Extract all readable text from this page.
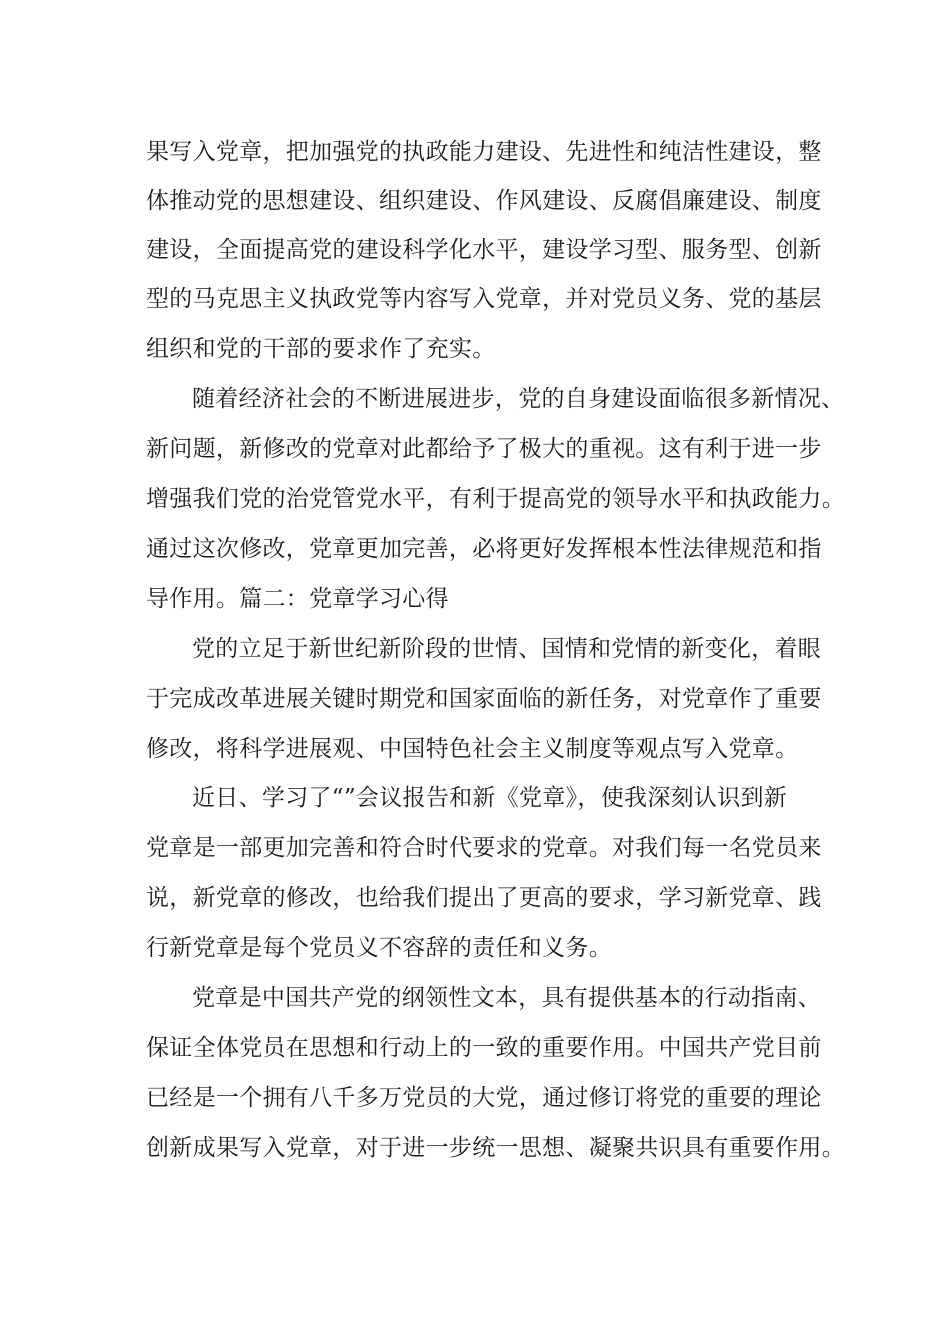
果写入党章，把加强党的执政能力建设、先进性和纯洁性建设，整
体推动党的思想建设、组织建设、作风建设、反腐倡廉建设、制度
建设，全面提高党的建设科学化水平，建设学习型、服务型、创新
型的马克思主义执政党等内容写入党章，并对党员义务、党的基层
组织和党的干部的要求作了充实。
随着经济社会的不断进展进步，党的自身建设面临很多新情况、
新问题，新修改的党章对此都给予了极大的重视。这有利于进一步
增强我们党的治党管党水平，有利于提高党的领导水平和执政能力。
通过这次修改，党章更加完善，必将更好发挥根本性法律规范和指
导作用。篇二：党章学习心得
党的立足于新世纪新阶段的世情、国情和党情的新变化，着眼
于完成改革进展关键时期党和国家面临的新任务，对党章作了重要
修改，将科学进展观、中国特色社会主义制度等观点写入党章。
近日、学习了“”会议报告和新《党章》，使我深刻认识到新
党章是一部更加完善和符合时代要求的党章。对我们每一名党员来
说，新党章的修改，也给我们提出了更高的要求，学习新党章、践
行新党章是每个党员义不容辞的责任和义务。
党章是中国共产党的纲领性文本，具有提供基本的行动指南、
保证全体党员在思想和行动上的一致的重要作用。中国共产党目前
已经是一个拥有八千多万党员的大党，通过修订将党的重要的理论
创新成果写入党章，对于进一步统一思想、凝聚共识具有重要作用。
